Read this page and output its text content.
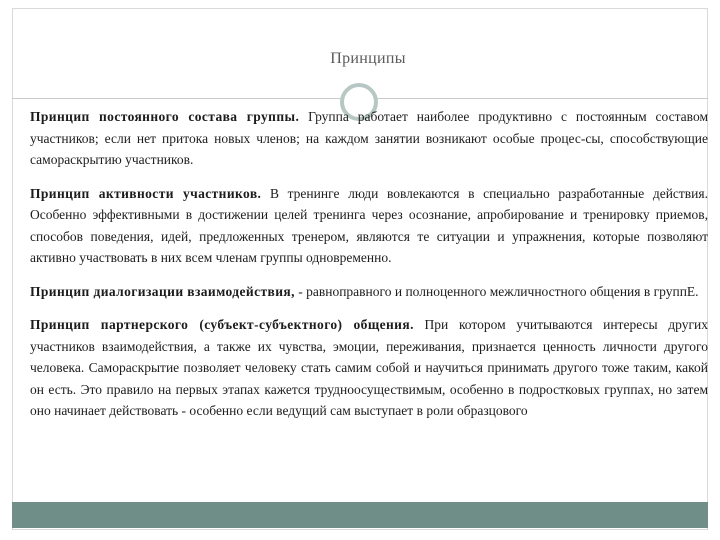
Принципы
Принцип постоянного состава группы. Группа работает наиболее продуктивно с постоянным составом участников; если нет притока новых членов; на каждом занятии возникают особые процес-сы, способствующие самораскрытию участников.
Принцип активности участников. В тренинге люди вовлекаются в специально разработанные действия. Особенно эффективными в достижении целей тренинга через осознание, апробирование и тренировку приемов, способов поведения, идей, предложенных тренером, являются те ситуации и упражнения, которые позволяют активно участвовать в них всем членам группы одновременно.
Принцип диалогизации взаимодействия, - равноправного и полноценного межличностного общения в группЕ.
Принцип партнерского (субъект-субъектного) общения. При котором учитываются интересы других участников взаимодействия, а также их чувства, эмоции, переживания, признается ценность личности другого человека. Саморaскрытие позволяет человеку стать самим собой и научиться принимать другого тоже таким, какой он есть. Это правило на первых этапах кажется трудноосуществимым, особенно в подростковых группах, но затем оно начинает действовать - особенно если ведущий сам выступает в роли образцового
